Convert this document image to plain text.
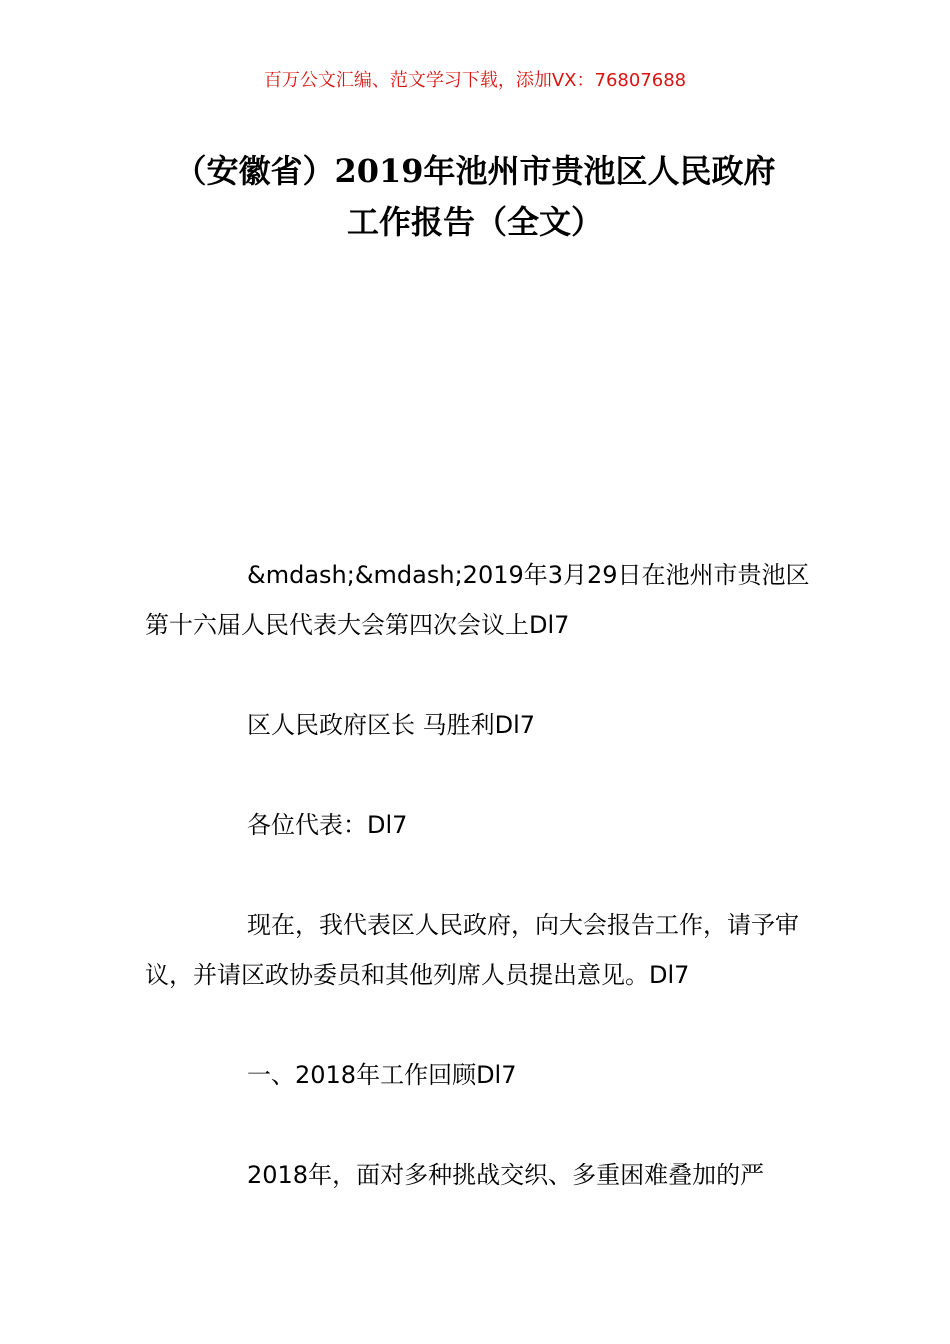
百万公文汇编、范文学习下载，添加VX：76807688
（安徽省）2019年池州市贵池区人民政府
工作报告（全文）

&mdash;&mdash;2019年3月29日在池州市贵池区第十六届人民代表大会第四次会议上Dl7

区人民政府区长 马胜利Dl7

各位代表：Dl7

现在，我代表区人民政府，向大会报告工作，请予审议，并请区政协委员和其他列席人员提出意见。Dl7

一、2018年工作回顾Dl7

2018年，面对多种挑战交织、多重困难叠加的严
